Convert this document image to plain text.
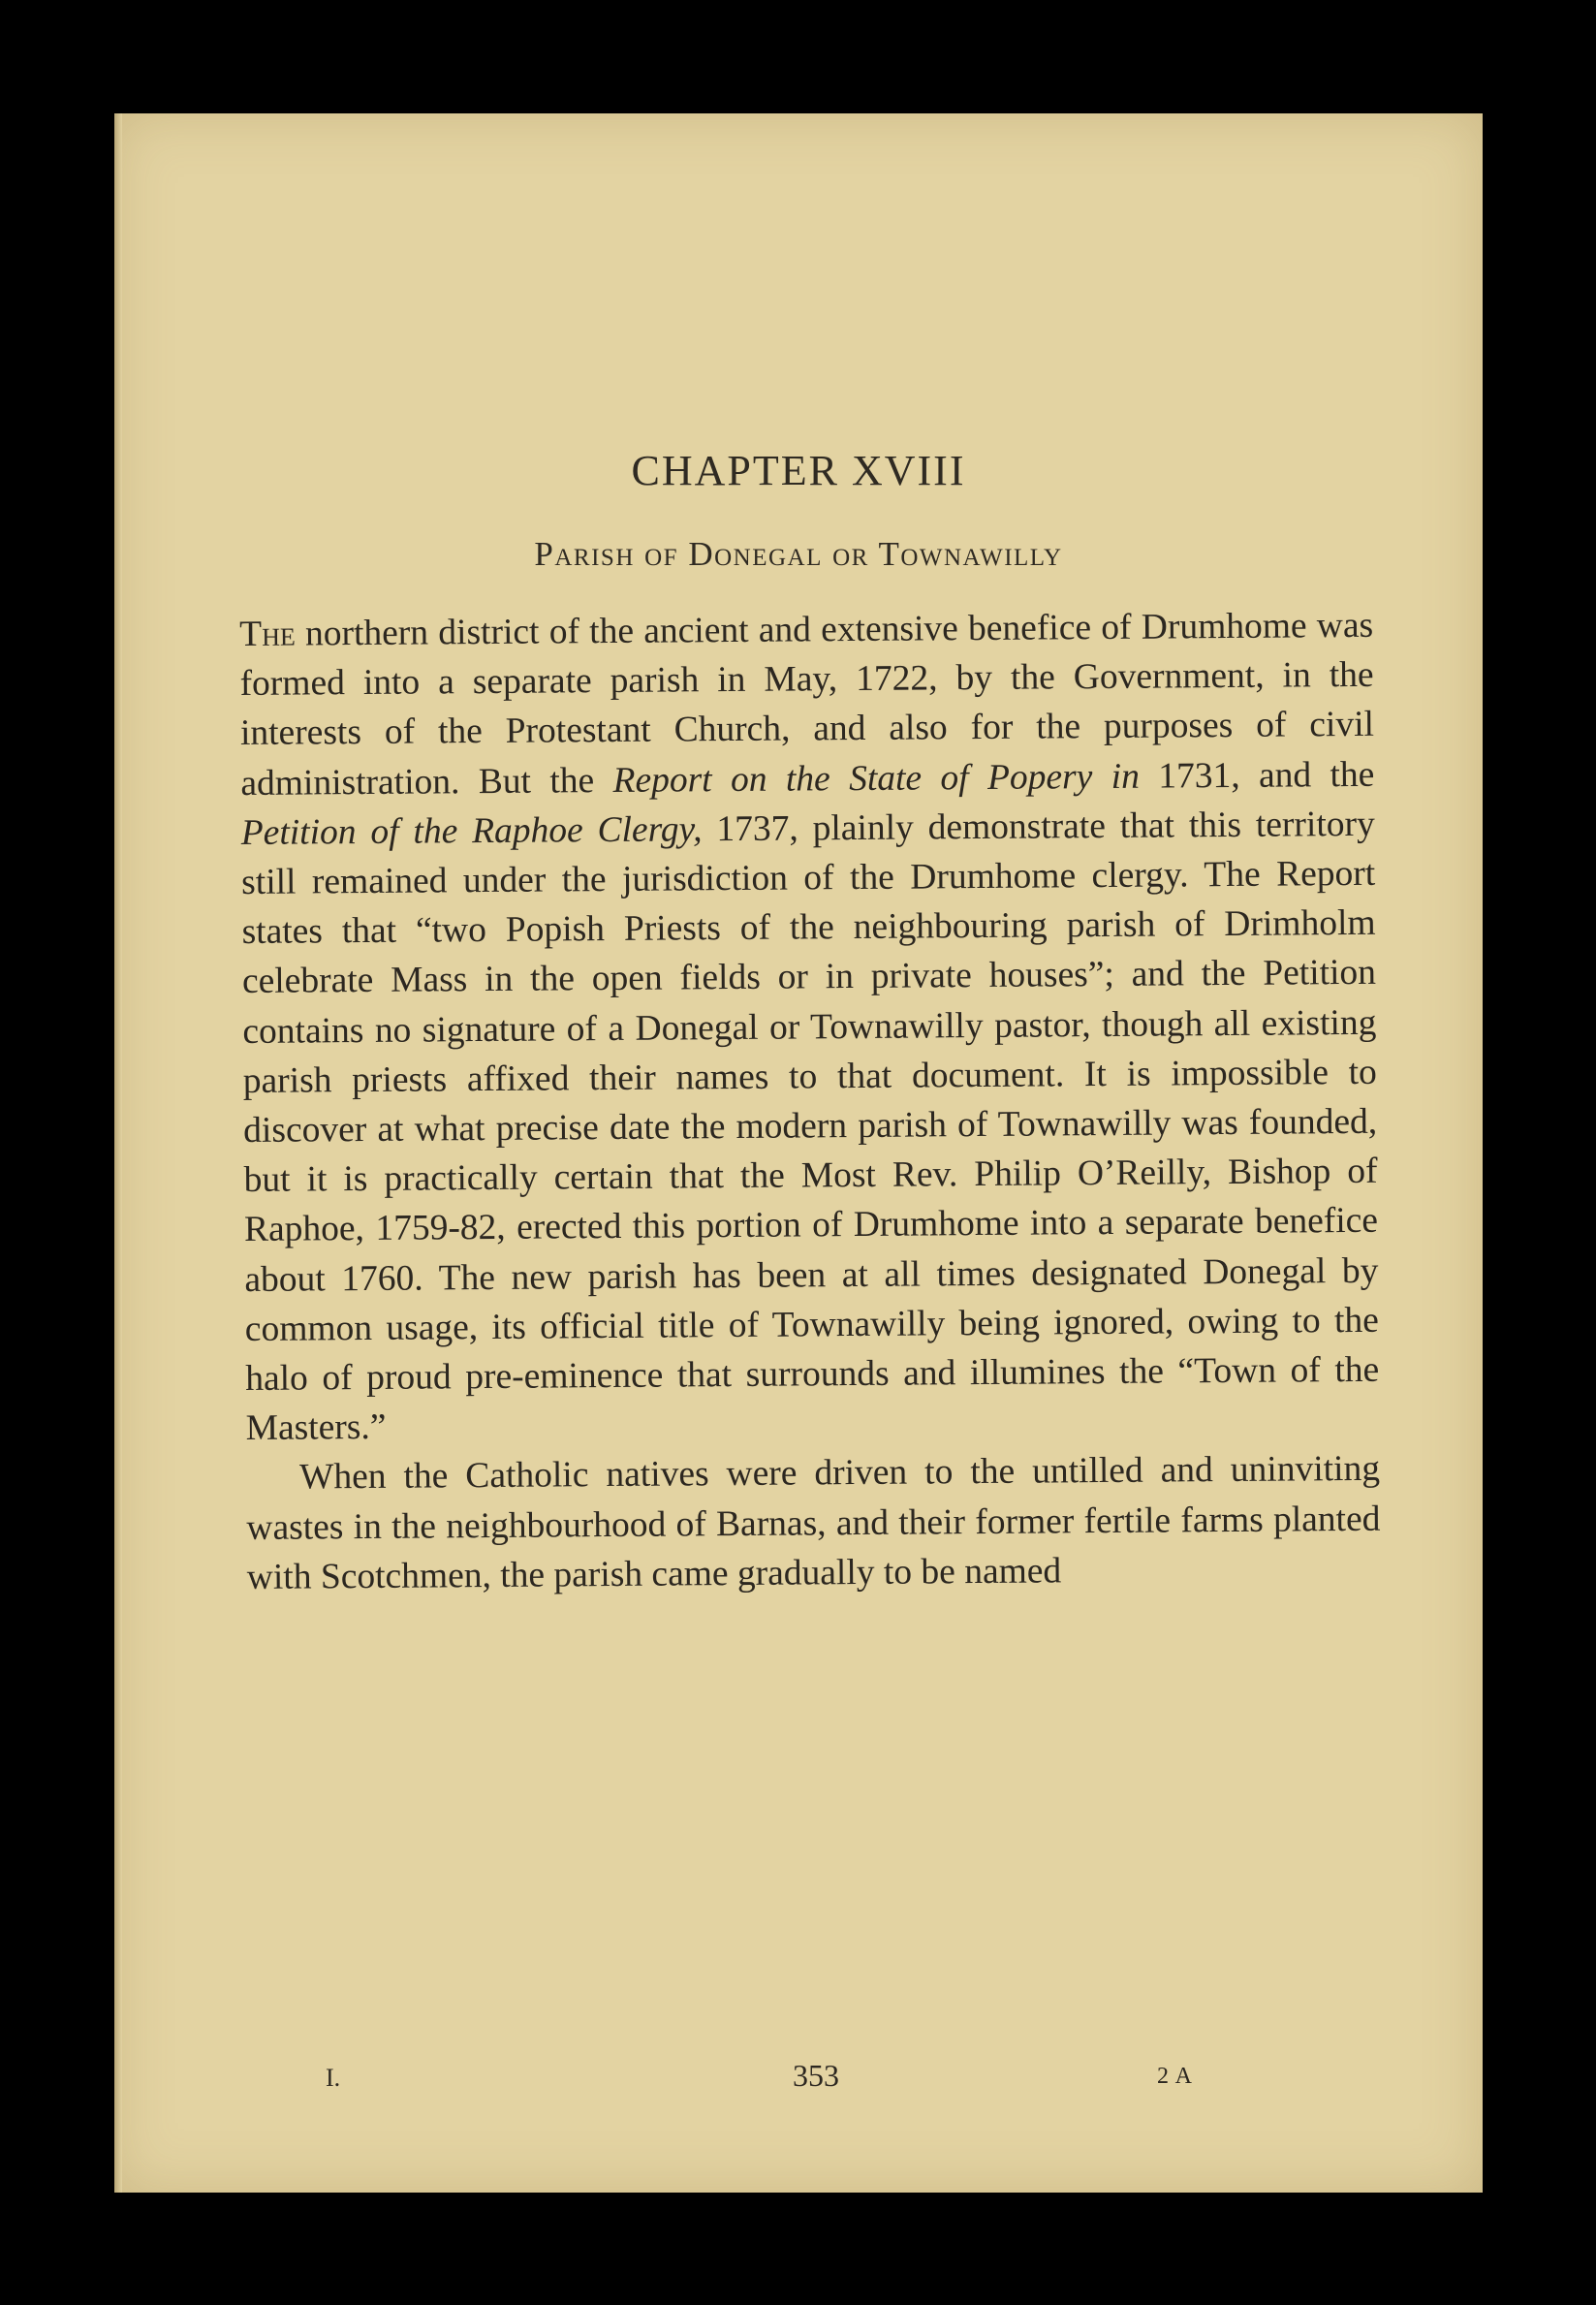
CHAPTER XVIII
Parish of Donegal or Townawilly

The northern district of the ancient and extensive benefice of Drumhome was formed into a separate parish in May, 1722, by the Government, in the interests of the Protestant Church, and also for the purposes of civil administration. But the Report on the State of Popery in 1731, and the Petition of the Raphoe Clergy, 1737, plainly demonstrate that this territory still remained under the jurisdiction of the Drumhome clergy. The Report states that “two Popish Priests of the neighbouring parish of Drimholm celebrate Mass in the open fields or in private houses”; and the Petition contains no signature of a Donegal or Townawilly pastor, though all existing parish priests affixed their names to that document. It is impossible to discover at what precise date the modern parish of Townawilly was founded, but it is practically certain that the Most Rev. Philip O’Reilly, Bishop of Raphoe, 1759-82, erected this portion of Drumhome into a separate benefice about 1760. The new parish has been at all times designated Donegal by common usage, its official title of Townawilly being ignored, owing to the halo of proud pre-eminence that surrounds and illumines the “Town of the Masters.”

When the Catholic natives were driven to the untilled and uninviting wastes in the neighbourhood of Barnas, and their former fertile farms planted with Scotchmen, the parish came gradually to be named

I.	353	2 A
